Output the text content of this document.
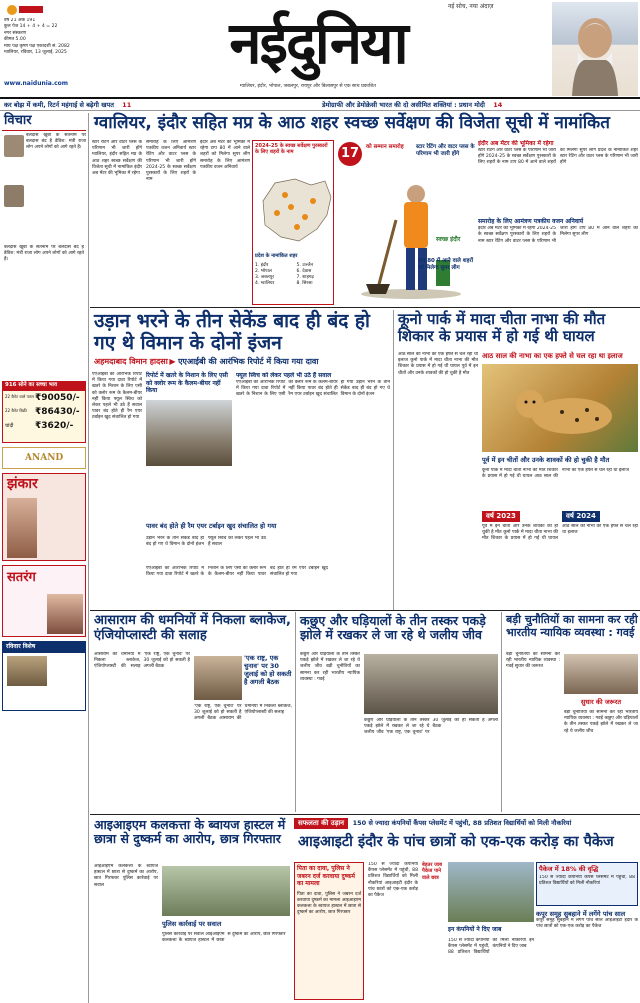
वर्ष 21 अंक 191
कुल पेज 14 + 4 + 4 = 22
नगर संस्करण
कीमत 5.00
माघ पक्ष कृष्ण पक्ष एकादशी सं. 2082
ग्वालियर, रविवार, 13 जुलाई, 2025
www.naidunia.com
नईदुनिया
नई सोच, नया अंदाज़
ग्वालियर, इंदौर, भोपाल, जबलपुर, रायपुर और बिलासपुर से एक साथ प्रकाशित
कर बोझ में कमी, रिटर्न महंगाई से बढ़ेगी खपत 11	डेमोग्राफी और डेमोक्रेसी भारत की दो असीमित शक्तियां : प्रधान मोदी 14
विचार
बलदास खूबी के सतनाम पर बलदास बंद है डेविश: मंत्री राजा लोग अपने लोगों को आगे रहते हैं।
बलदास खूबी के सतनाम पर बलदास बंद है डेविश: मंत्री राजा लोग अपने लोगों को आगे रहते हैं।
916 सोने का सच्चा भाव
22 कैरेट वाले पतल ₹90050/-
22 कैरेट बिक्री ₹86430/-
चांदी	₹3620/-
ANAND
झंकार
सतरंग
रविवार विशेष
ग्वालियर, इंदौर सहित मप्र के आठ शहर स्वच्छ सर्वेक्षण की विजेता सूची में नामांकित
स्टार रेटिंग और वाटर प्लस के परिणाम भी जारी होंगे ग्वालियर, इंदौर सहित मप्र के आठ शहर स्वच्छ सर्वेक्षण की विजेता सूची में नामांकित इंदौर अब मेंटर की भूमिका में रहेगा
समारोह के लिए आमंत्रण पत्रकीय वजन अनिवार्य स्टार रेटिंग और वाटर प्लस के परिणाम भी जारी होंगे 2024-25 के स्वच्छ सर्वेक्षण पुरस्कारों के लिए शहरों के नाम
इंदौर अब मेंटर की भूमिका में रहेगा टाप 80 में आने वाले शहरों को मिलेगा सुपर लीग समारोह के लिए आमंत्रण पत्रकीय वजन अनिवार्य
2024-25 के स्वच्छ सर्वेक्षण पुरस्कारों के लिए शहरों के नाम
प्रदेश के नामांकित शहर
1. इंदौर
2. भोपाल
3. जबलपुर
4. ग्वालियर
5. उज्जैन
6. देवास
7. शाहगढ़
8. सिरसा
17	को सम्मान समारोह	स्टार रेटिंग और वाटर प्लस के परिणाम भी जारी होंगे
स्वच्छ इंदौर
टाप 80 में आने वाले शहरों को मिलेगा सुपर लीग
इंदौर अब मेंटर की भूमिका में रहेगा
स्टार रेटिंग और वाटर प्लस के परिणाम भी जारी होंगे 2024-25 के स्वच्छ सर्वेक्षण पुरस्कारों के लिए शहरों के नाम टाप 80 में आने वाले शहरों को मिलेगा सुपर लीग प्रदेश के नामांकित शहर स्टार रेटिंग और वाटर प्लस के परिणाम भी जारी होंगे
समारोह के लिए आमंत्रण पत्रकीय वजन अनिवार्य
इंदौर अब मेंटर की भूमिका में रहेगा 2024-25 के स्वच्छ सर्वेक्षण पुरस्कारों के लिए शहरों के नाम स्टार रेटिंग और वाटर प्लस के परिणाम भी जारी होंगे टाप 80 में आने वाले शहरों को मिलेगा सुपर लीग
उड़ान भरने के तीन सेकेंड बाद ही बंद हो गए थे विमान के दोनों इंजन
अहमदाबाद विमान हादसा ▶ एएआईबी की आरंभिक रिपोर्ट में किया गया दावा
एएआईबी की आरंभिक रिपोर्ट में किया गया दावा रिपोर्ट में खतरे के निशान के लिए एसी को क्लोर रूम के कैलम-बीयर नहीं किया फ्यूल स्विच को लेकर पहले भी उठे हैं सवाल पावर बंद होते ही रैम एयर टर्बाइन खुद संचालित हो गया
रिपोर्ट में खतरे के निशान के लिए एसी को क्लोर रूम के कैलम-बीयर नहीं किया
फ्यूल स्विच को लेकर पहले भी उठे हैं सवाल
एएआईबी की आरंभिक रिपोर्ट में किया गया दावा रिपोर्ट में खतरे के निशान के लिए एसी को क्लोर रूम के कैलम-बीयर नहीं किया पावर बंद होते ही रैम एयर टर्बाइन खुद संचालित हो गया उड़ान भरने के तीन सेकेंड बाद ही बंद हो गए थे विमान के दोनों इंजन
पावर बंद होते ही रैम एयर टर्बाइन खुद संचालित हो गया
उड़ान भरने के तीन सेकेंड बाद ही बंद हो गए थे विमान के दोनों इंजन फ्यूल स्विच को लेकर पहले भी उठे हैं सवाल
एएआईबी की आरंभिक रिपोर्ट में किया गया दावा रिपोर्ट में खतरे के निशान के लिए एसी को क्लोर रूम के कैलम-बीयर नहीं किया पावर बंद होते ही रैम एयर टर्बाइन खुद संचालित हो गया
कूनो पार्क में मादा चीता नाभा की मौत शिकार के प्रयास में हो गई थी घायल
आठ साल की नाभा का एक हफ्ते से चल रहा था इलाज कूनो पार्क में मादा चीता नाभा की मौत शिकार के प्रयास में हो गई थी घायल पूर्व में इन चीतों और उनके शावकों की हो चुकी है मौत
आठ साल की नाभा का एक हफ्ते से चल रहा था इलाज
पूर्व में इन चीतों और उनके शावकों की हो चुकी है मौत
कूनो पार्क में मादा चीता नाभा की मौत शिकार के प्रयास में हो गई थी घायल आठ साल की नाभा का एक हफ्ते से चल रहा था इलाज
वर्ष 2023	वर्ष 2024
पूर्व में इन चीतों और उनके शावकों की हो चुकी है मौत कूनो पार्क में मादा चीता नाभा की मौत शिकार के प्रयास में हो गई थी घायल आठ साल की नाभा का एक हफ्ते से चल रहा था इलाज
आसाराम की धमनियों में निकला ब्लाकेज, एंजियोप्लास्टी की सलाह
आसाराम की धमनियों में निकला ब्लाकेज, एंजियोप्लास्टी की सलाह 'एक राष्ट्र, एक चुनाव' पर 30 जुलाई को हो सकती है अगली बैठक
'एक राष्ट्र, एक चुनाव' पर 30 जुलाई को हो सकती है अगली बैठक
'एक राष्ट्र, एक चुनाव' पर 30 जुलाई को हो सकती है अगली बैठक आसाराम की धमनियों में निकला ब्लाकेज, एंजियोप्लास्टी की सलाह
कछुए और घड़ियालों के तीन तस्कर पकड़े झोले में रखकर ले जा रहे थे जलीय जीव
कछुए और घड़ियालों के तीन तस्कर पकड़े झोले में रखकर ले जा रहे थे जलीय जीव बड़ी चुनौतियों का सामना कर रही भारतीय न्यायिक व्यवस्था : गवई
कछुए और घड़ियालों के तीन तस्कर पकड़े झोले में रखकर ले जा रहे थे जलीय जीव 'एक राष्ट्र, एक चुनाव' पर 30 जुलाई को हो सकती है अगली बैठक
बड़ी चुनौतियों का सामना कर रही भारतीय न्यायिक व्यवस्था : गवई
बड़ी चुनौतियों का सामना कर रही भारतीय न्यायिक व्यवस्था : गवई सुधार की जरूरत
सुधार की जरूरत
बड़ी चुनौतियों का सामना कर रही भारतीय न्यायिक व्यवस्था : गवई कछुए और घड़ियालों के तीन तस्कर पकड़े झोले में रखकर ले जा रहे थे जलीय जीव
आइआइएम कलकत्ता के ब्वायज हास्टल में छात्रा से दुष्कर्म का आरोप, छात्र गिरफ्तार
आइआइएम कलकत्ता के ब्वायज हास्टल में छात्रा से दुष्कर्म का आरोप, छात्र गिरफ्तार पुलिस कार्रवाई पर सवाल
पुलिस कार्रवाई पर सवाल
पुलिस कार्रवाई पर सवाल आइआइएम कलकत्ता के ब्वायज हास्टल में छात्रा से दुष्कर्म का आरोप, छात्र गिरफ्तार
पिता का दावा, पुलिस ने जबरन दर्ज करवाया दुष्कर्म का मामला
पिता का दावा, पुलिस ने जबरन दर्ज करवाया दुष्कर्म का मामला आइआइएम कलकत्ता के ब्वायज हास्टल में छात्रा से दुष्कर्म का आरोप, छात्र गिरफ्तार
सफलता की उड़ान 150 से ज्यादा कंपनियों कैंपस प्लेसमेंट में पहुंची, 88 प्रतिशत विद्यार्थियों को मिली नौकरियां
आइआइटी इंदौर के पांच छात्रों को एक-एक करोड़ का पैकेज
150 से ज्यादा कंपनियों कैंपस प्लेसमेंट में पहुंची, 88 प्रतिशत विद्यार्थियों को मिली नौकरियां आइआइटी इंदौर के पांच छात्रों को एक-एक करोड़ का पैकेज
बेहतर जाब पैकेज पाने वाले छात्र
इन कंपनियों ने दिए जाब
150 से ज्यादा कंपनियों कैंपस प्लेसमेंट में पहुंची, 88 प्रतिशत विद्यार्थियों को मिली नौकरियां इन कंपनियों ने दिए जाब
पैकेज में 18% की वृद्धि
150 से ज्यादा कंपनियों कैंपस प्लेसमेंट में पहुंची, 88 प्रतिशत विद्यार्थियों को मिली नौकरियां
कपूर समूह सुबहाने में लगेंगे पांच साल
कपूर समूह सुबहाने में लगेंगे पांच साल आइआइटी इंदौर के पांच छात्रों को एक-एक करोड़ का पैकेज
